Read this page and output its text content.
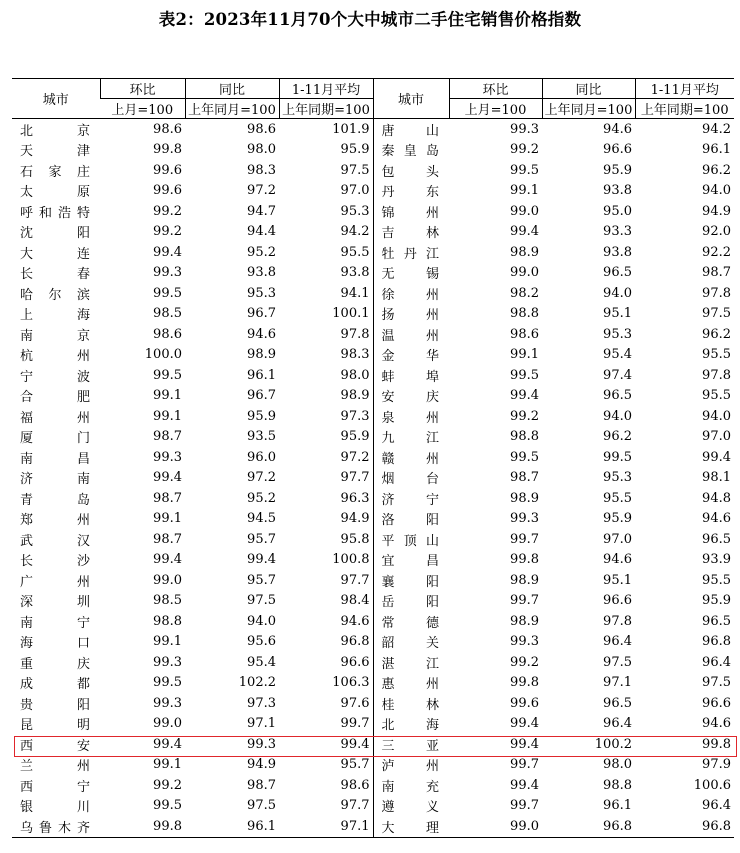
表2：2023年11月70个大中城市二手住宅销售价格指数
城市	环比	同比	1-11月平均	城市	环比	同比	1-11月平均
	上月=100	上年同月=100	上年同期=100		上月=100	上年同月=100	上年同期=100
北京	98.6	98.6	101.9	唐山	99.3	94.6	94.2
天津	99.8	98.0	95.9	秦皇岛	99.2	96.6	96.1
石家庄	99.6	98.3	97.5	包头	99.5	95.9	96.2
太原	99.6	97.2	97.0	丹东	99.1	93.8	94.0
呼和浩特	99.2	94.7	95.3	锦州	99.0	95.0	94.9
沈阳	99.2	94.4	94.2	吉林	99.4	93.3	92.0
大连	99.4	95.2	95.5	牡丹江	98.9	93.8	92.2
长春	99.3	93.8	93.8	无锡	99.0	96.5	98.7
哈尔滨	99.5	95.3	94.1	徐州	98.2	94.0	97.8
上海	98.5	96.7	100.1	扬州	98.8	95.1	97.5
南京	98.6	94.6	97.8	温州	98.6	95.3	96.2
杭州	100.0	98.9	98.3	金华	99.1	95.4	95.5
宁波	99.5	96.1	98.0	蚌埠	99.5	97.4	97.8
合肥	99.1	96.7	98.9	安庆	99.4	96.5	95.5
福州	99.1	95.9	97.3	泉州	99.2	94.0	94.0
厦门	98.7	93.5	95.9	九江	98.8	96.2	97.0
南昌	99.3	96.0	97.2	赣州	99.5	99.5	99.4
济南	99.4	97.2	97.7	烟台	98.7	95.3	98.1
青岛	98.7	95.2	96.3	济宁	98.9	95.5	94.8
郑州	99.1	94.5	94.9	洛阳	99.3	95.9	94.6
武汉	98.7	95.7	95.8	平顶山	99.7	97.0	96.5
长沙	99.4	99.4	100.8	宜昌	99.8	94.6	93.9
广州	99.0	95.7	97.7	襄阳	98.9	95.1	95.5
深圳	98.5	97.5	98.4	岳阳	99.7	96.6	95.9
南宁	98.8	94.0	94.6	常德	98.9	97.8	96.5
海口	99.1	95.6	96.8	韶关	99.3	96.4	96.8
重庆	99.3	95.4	96.6	湛江	99.2	97.5	96.4
成都	99.5	102.2	106.3	惠州	99.8	97.1	97.5
贵阳	99.3	97.3	97.6	桂林	99.6	96.5	96.6
昆明	99.0	97.1	99.7	北海	99.4	96.4	94.6
西安	99.4	99.3	99.4	三亚	99.4	100.2	99.8
兰州	99.1	94.9	95.7	泸州	99.7	98.0	97.9
西宁	99.2	98.7	98.6	南充	99.4	98.8	100.6
银川	99.5	97.5	97.7	遵义	99.7	96.1	96.4
乌鲁木齐	99.8	96.1	97.1	大理	99.0	96.8	96.8
